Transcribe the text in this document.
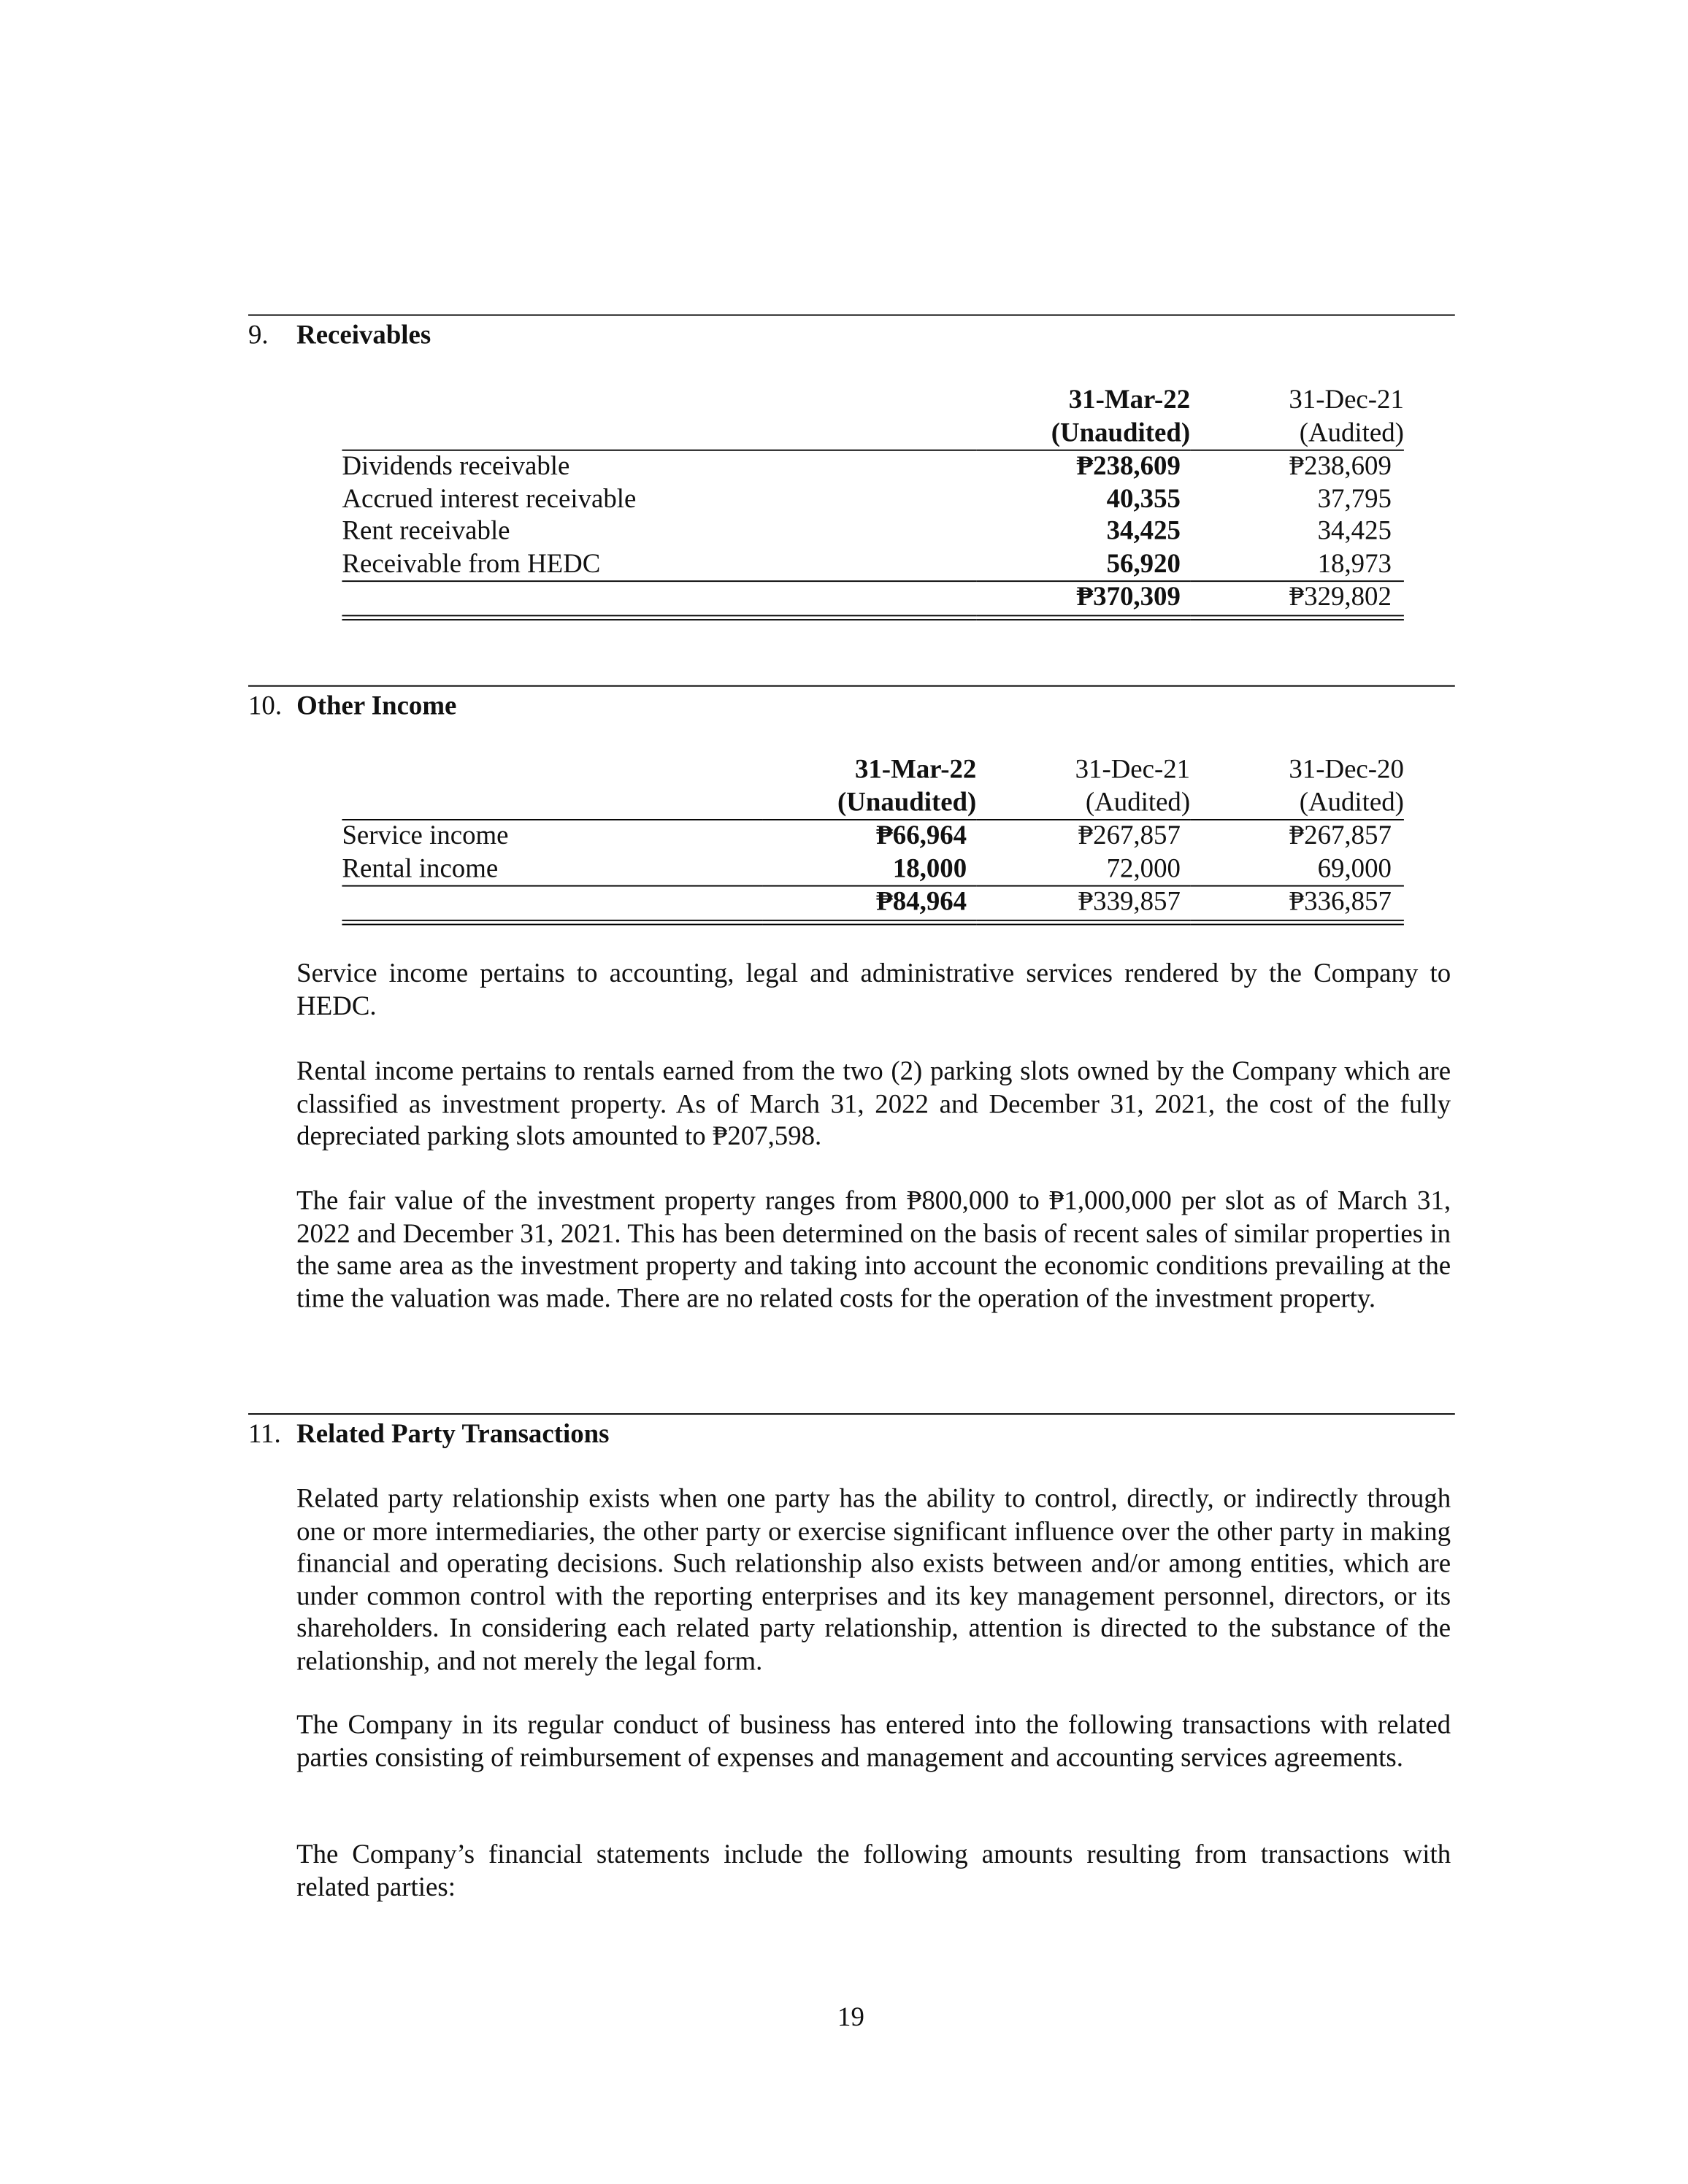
9. Receivables
	31-Mar-22	31-Dec-21
	(Unaudited)	(Audited)
Dividends receivable	₱238,609	₱238,609
Accrued interest receivable	40,355	37,795
Rent receivable	34,425	34,425
Receivable from HEDC	56,920	18,973
	₱370,309	₱329,802
10. Other Income
	31-Mar-22	31-Dec-21	31-Dec-20
	(Unaudited)	(Audited)	(Audited)
Service income	₱66,964	₱267,857	₱267,857
Rental income	18,000	72,000	69,000
	₱84,964	₱339,857	₱336,857

Service income pertains to accounting, legal and administrative services rendered by the Company to HEDC.

Rental income pertains to rentals earned from the two (2) parking slots owned by the Company which are classified as investment property. As of March 31, 2022 and December 31, 2021, the cost of the fully depreciated parking slots amounted to ₱207,598.

The fair value of the investment property ranges from ₱800,000 to ₱1,000,000 per slot as of March 31, 2022 and December 31, 2021. This has been determined on the basis of recent sales of similar properties in the same area as the investment property and taking into account the economic conditions prevailing at the time the valuation was made. There are no related costs for the operation of the investment property.

11. Related Party Transactions

Related party relationship exists when one party has the ability to control, directly, or indirectly through one or more intermediaries, the other party or exercise significant influence over the other party in making financial and operating decisions. Such relationship also exists between and/or among entities, which are under common control with the reporting enterprises and its key management personnel, directors, or its shareholders. In considering each related party relationship, attention is directed to the substance of the relationship, and not merely the legal form.

The Company in its regular conduct of business has entered into the following transactions with related parties consisting of reimbursement of expenses and management and accounting services agreements.

The Company’s financial statements include the following amounts resulting from transactions with related parties:

19
